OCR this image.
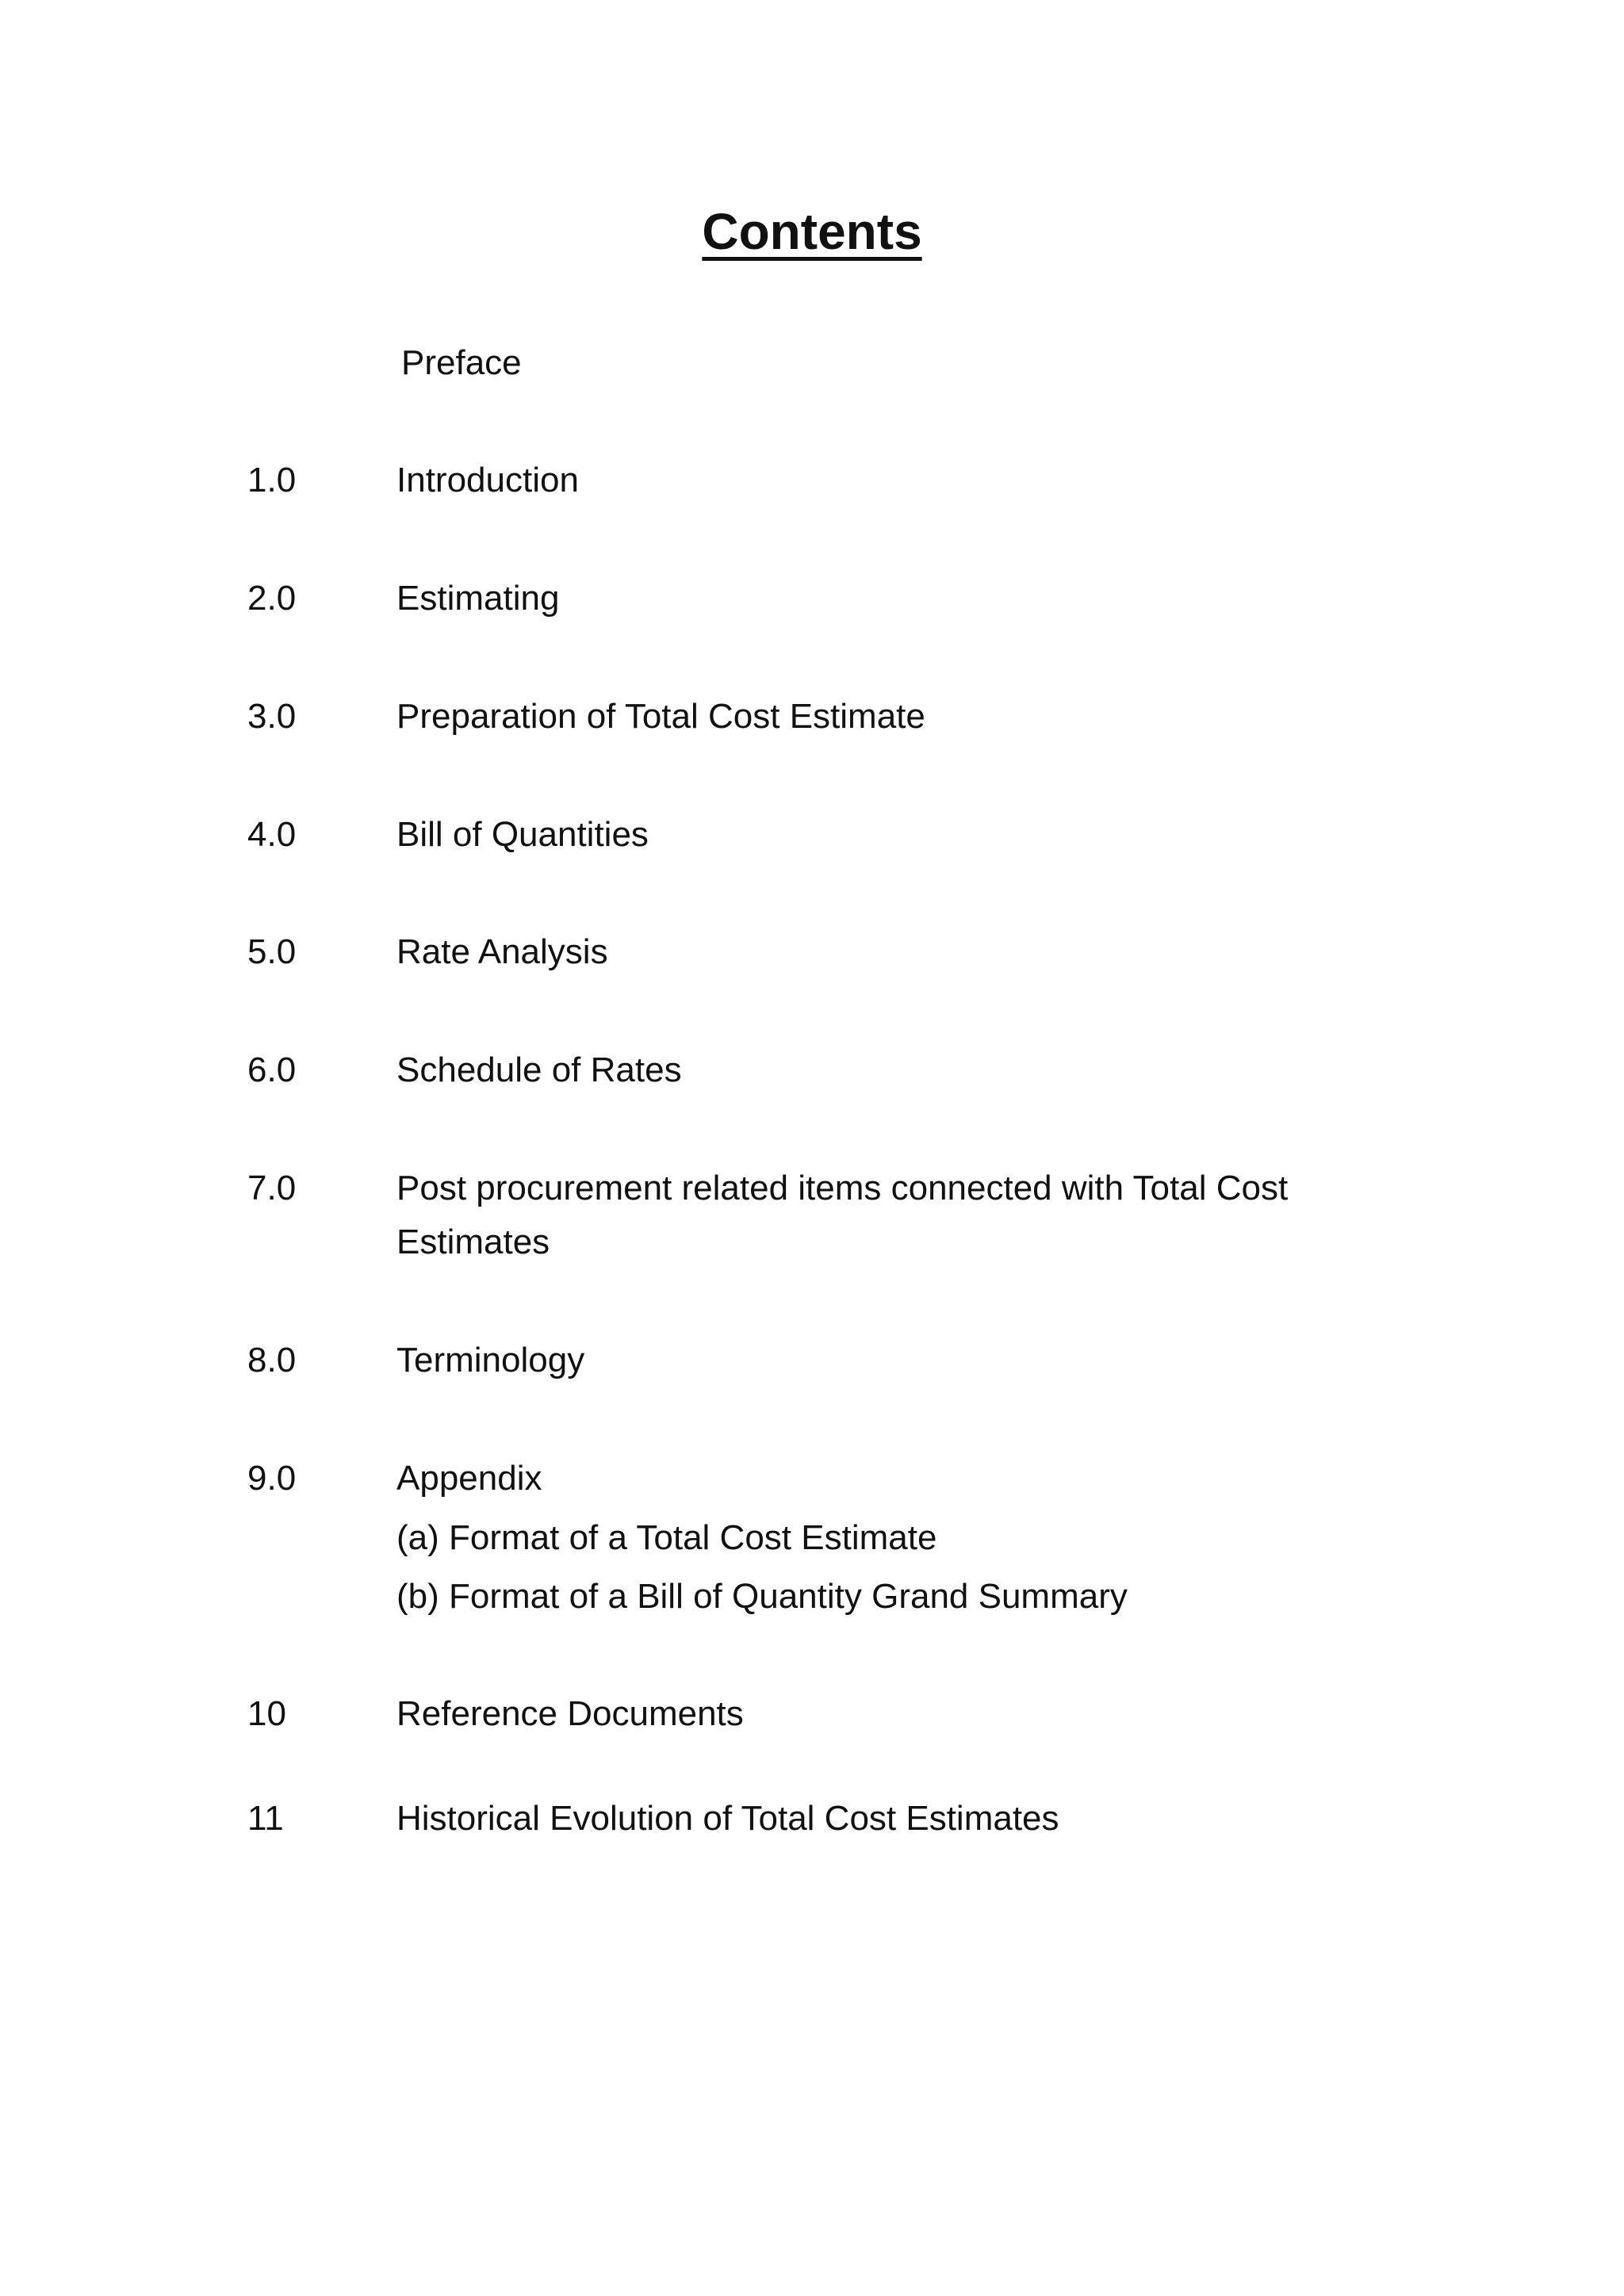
Contents
Preface
1.0	Introduction
2.0	Estimating
3.0	Preparation of Total Cost Estimate
4.0	Bill of Quantities
5.0	Rate Analysis
6.0	Schedule of Rates
7.0	Post procurement related items connected with Total Cost
Estimates
8.0	Terminology
9.0	Appendix
(a) Format of a Total Cost Estimate
(b) Format of a Bill of Quantity Grand Summary
10	Reference Documents
11	Historical Evolution of Total Cost Estimates
